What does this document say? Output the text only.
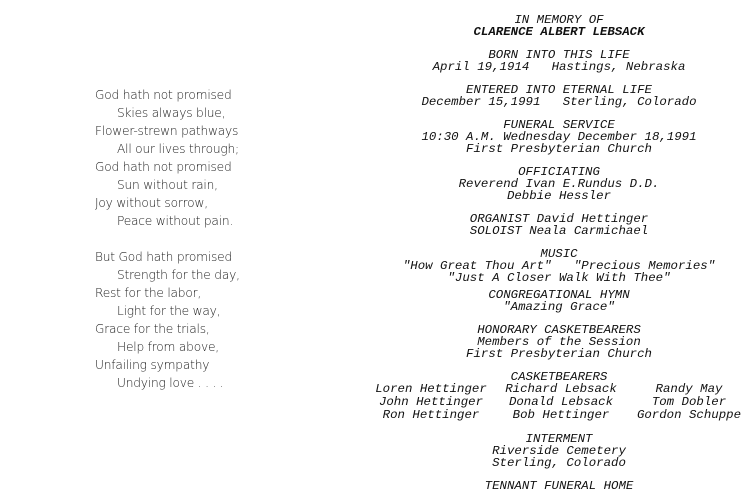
God hath not promised
Skies always blue,
Flower-strewn pathways
All our lives through;
God hath not promised
Sun without rain,
Joy without sorrow,
Peace without pain.
But God hath promised
Strength for the day,
Rest for the labor,
Light for the way,
Grace for the trials,
Help from above,
Unfailing sympathy
Undying love . . . .
IN MEMORY OF
CLARENCE ALBERT LEBSACK
BORN INTO THIS LIFE
April 19,1914   Hastings, Nebraska
ENTERED INTO ETERNAL LIFE
December 15,1991   Sterling, Colorado
FUNERAL SERVICE
10:30 A.M. Wednesday December 18,1991
First Presbyterian Church
OFFICIATING
Reverend Ivan E.Rundus D.D.
Debbie Hessler
ORGANIST David Hettinger
SOLOIST Neala Carmichael
MUSIC
"How Great Thou Art"   "Precious Memories"
"Just A Closer Walk With Thee"
CONGREGATIONAL HYMN
"Amazing Grace"
HONORARY CASKETBEARERS
Members of the Session
First Presbyterian Church
CASKETBEARERS
Loren Hettinger	Richard Lebsack	Randy May
John Hettinger	Donald Lebsack	Tom Dobler
Ron Hettinger	Bob Hettinger	Gordon Schuppe
INTERMENT
Riverside Cemetery
Sterling, Colorado
TENNANT FUNERAL HOME
